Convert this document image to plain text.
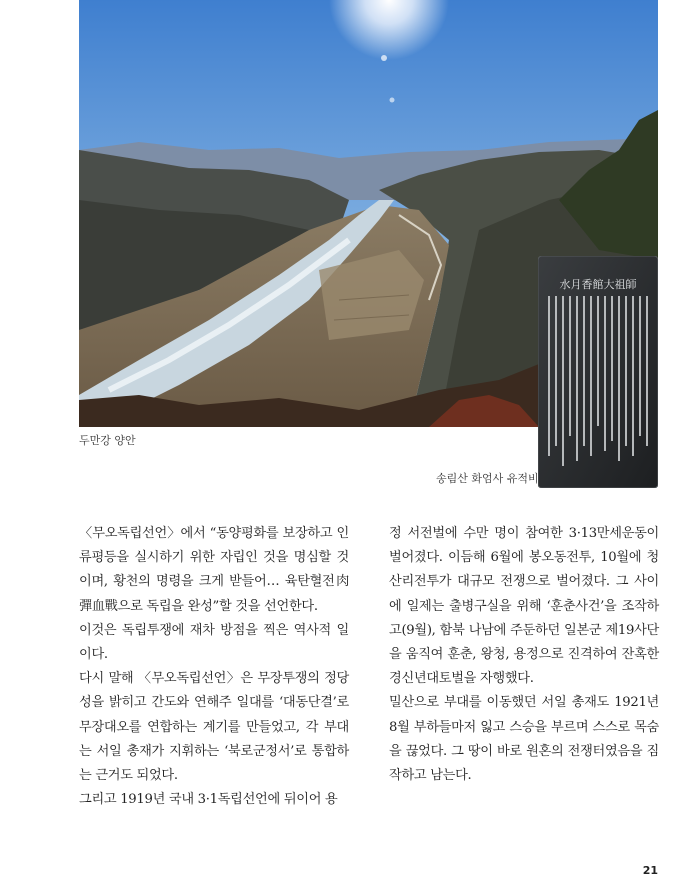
두만강 양안
水月香館大祖師
송림산 화엄사 유적비

〈무오독립선언〉에서 “동양평화를 보장하고 인류평등을 실시하기 위한 자립인 것을 명심할 것이며, 황천의 명령을 크게 받들어… 육탄혈전肉彈血戰으로 독립을 완성”할 것을 선언한다.

이것은 독립투쟁에 재차 방점을 찍은 역사적 일이다.

다시 말해 〈무오독립선언〉은 무장투쟁의 정당성을 밝히고 간도와 연해주 일대를 ‘대동단결’로 무장대오를 연합하는 계기를 만들었고, 각 부대는 서일 총재가 지휘하는 ‘북로군정서’로 통합하는 근거도 되었다.

그리고 1919년 국내 3·1독립선언에 뒤이어 용

정 서전벌에 수만 명이 참여한 3·13만세운동이 벌어졌다. 이듬해 6월에 봉오동전투, 10월에 청산리전투가 대규모 전쟁으로 벌어졌다. 그 사이에 일제는 출병구실을 위해 ‘훈춘사건’을 조작하고(9월), 함북 나남에 주둔하던 일본군 제19사단을 움직여 훈춘, 왕청, 용정으로 진격하여 잔혹한 경신년대토벌을 자행했다.

밀산으로 부대를 이동했던 서일 총재도 1921년 8월 부하들마저 잃고 스승을 부르며 스스로 목숨을 끊었다. 그 땅이 바로 원혼의 전쟁터였음을 짐작하고 남는다.

21
